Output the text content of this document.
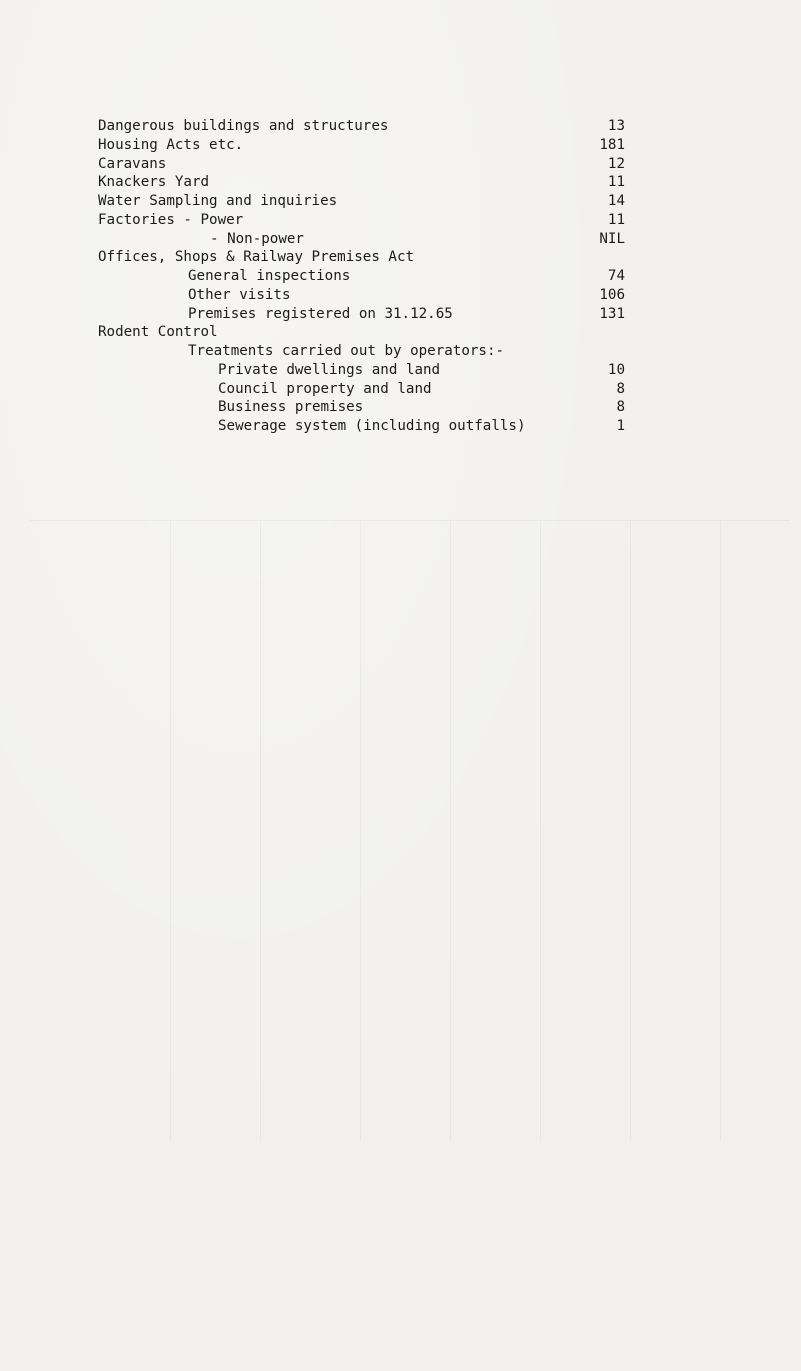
Dangerous buildings and structures	13
Housing Acts etc.	181
Caravans	12
Knackers Yard	11
Water Sampling and inquiries	14
Factories - Power	11
- Non-power	NIL
Offices, Shops & Railway Premises Act
General inspections	74
Other visits	106
Premises registered on 31.12.65	131
Rodent Control
Treatments carried out by operators:-
Private dwellings and land	10
Council property and land	8
Business premises	8
Sewerage system (including outfalls)	1
